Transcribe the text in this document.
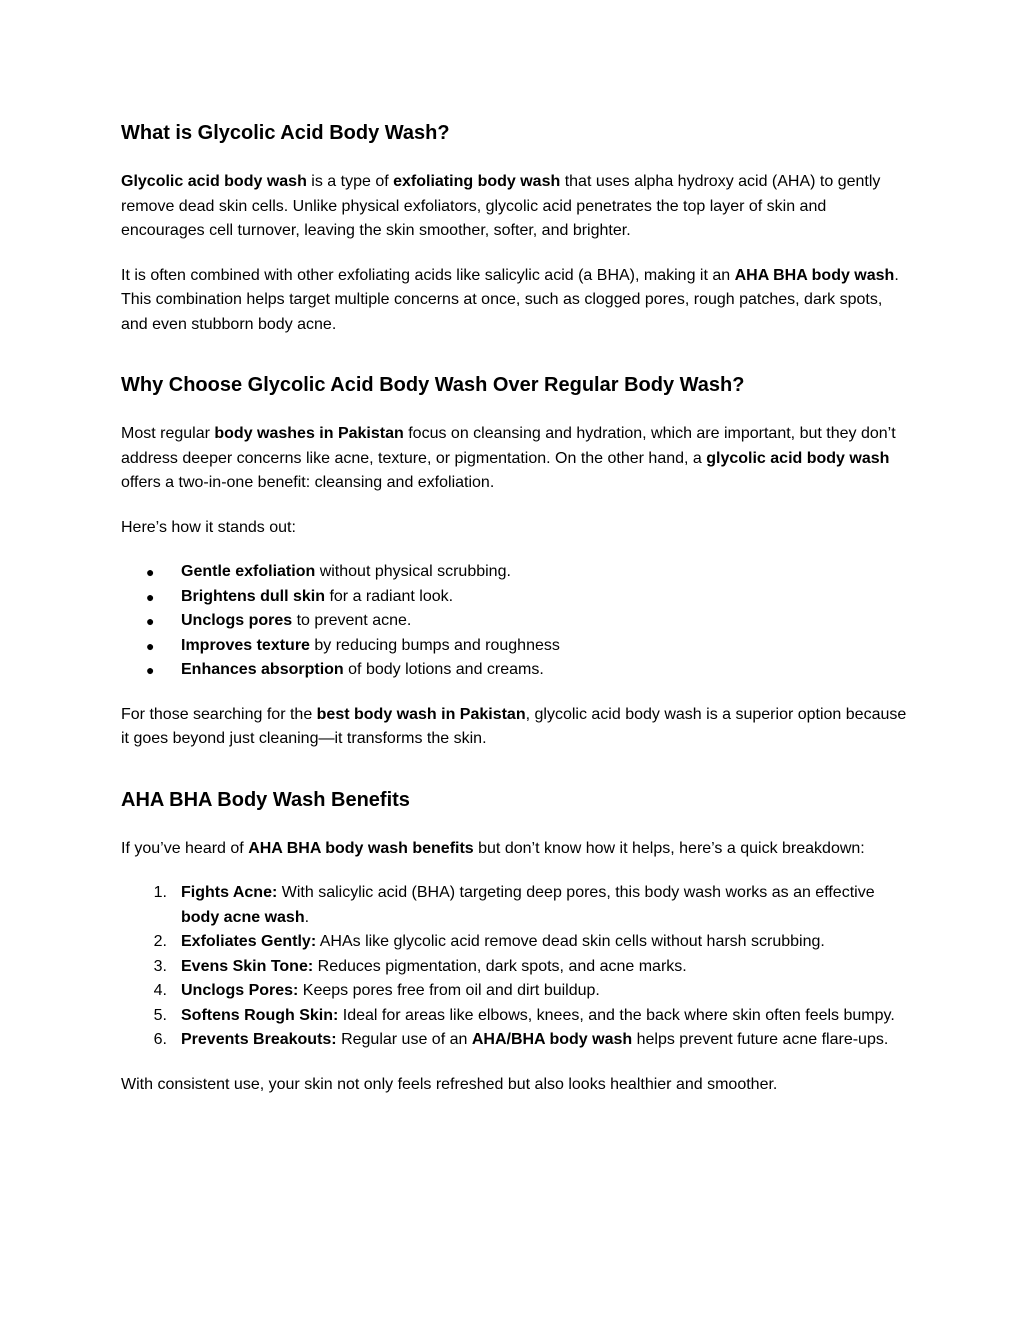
What is Glycolic Acid Body Wash?

Glycolic acid body wash is a type of exfoliating body wash that uses alpha hydroxy acid (AHA) to gently remove dead skin cells. Unlike physical exfoliators, glycolic acid penetrates the top layer of skin and encourages cell turnover, leaving the skin smoother, softer, and brighter.

It is often combined with other exfoliating acids like salicylic acid (a BHA), making it an AHA BHA body wash. This combination helps target multiple concerns at once, such as clogged pores, rough patches, dark spots, and even stubborn body acne.

Why Choose Glycolic Acid Body Wash Over Regular Body Wash?

Most regular body washes in Pakistan focus on cleansing and hydration, which are important, but they don’t address deeper concerns like acne, texture, or pigmentation. On the other hand, a glycolic acid body wash offers a two-in-one benefit: cleansing and exfoliation.

Here’s how it stands out:

●	Gentle exfoliation without physical scrubbing.
●	Brightens dull skin for a radiant look.
●	Unclogs pores to prevent acne.
●	Improves texture by reducing bumps and roughness
●	Enhances absorption of body lotions and creams.

For those searching for the best body wash in Pakistan, glycolic acid body wash is a superior option because it goes beyond just cleaning—it transforms the skin.

AHA BHA Body Wash Benefits

If you’ve heard of AHA BHA body wash benefits but don’t know how it helps, here’s a quick breakdown:

1. Fights Acne: With salicylic acid (BHA) targeting deep pores, this body wash works as an effective body acne wash.
2. Exfoliates Gently: AHAs like glycolic acid remove dead skin cells without harsh scrubbing.
3. Evens Skin Tone: Reduces pigmentation, dark spots, and acne marks.
4. Unclogs Pores: Keeps pores free from oil and dirt buildup.
5. Softens Rough Skin: Ideal for areas like elbows, knees, and the back where skin often feels bumpy.
6. Prevents Breakouts: Regular use of an AHA/BHA body wash helps prevent future acne flare-ups.

With consistent use, your skin not only feels refreshed but also looks healthier and smoother.
